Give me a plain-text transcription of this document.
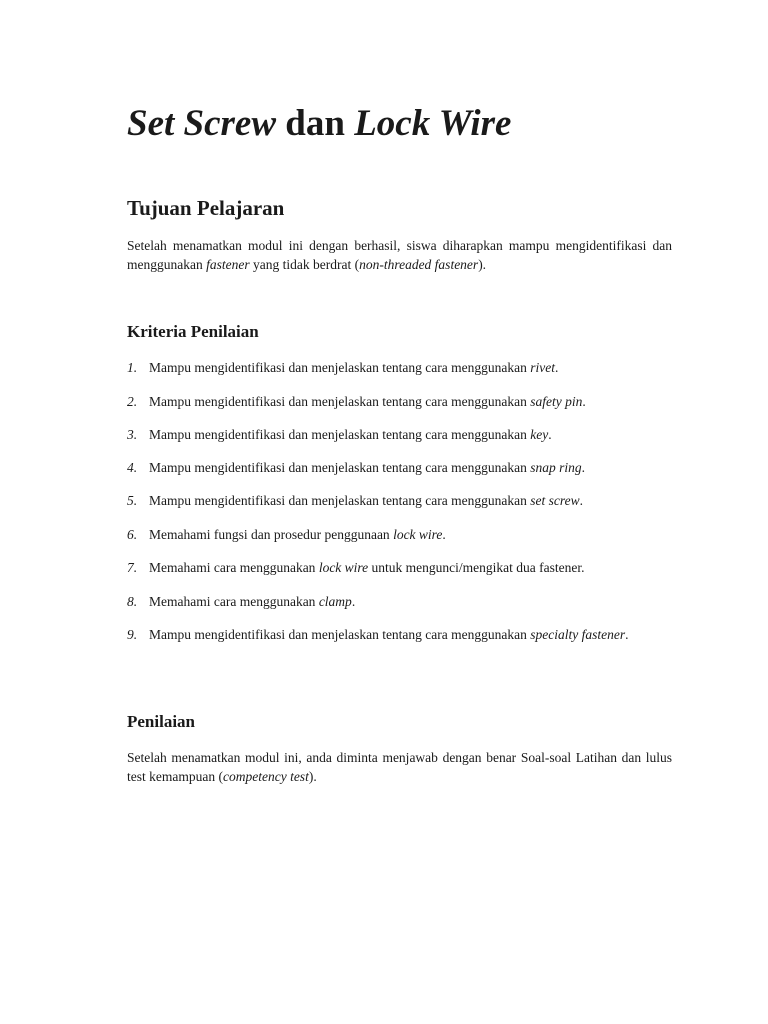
Set Screw dan Lock Wire
Tujuan Pelajaran

Setelah menamatkan modul ini dengan berhasil, siswa diharapkan mampu mengidentifikasi dan menggunakan fastener yang tidak berdrat (non-threaded fastener).

Kriteria Penilaian
1. Mampu mengidentifikasi dan menjelaskan tentang cara menggunakan rivet.
2. Mampu mengidentifikasi dan menjelaskan tentang cara menggunakan safety pin.
3. Mampu mengidentifikasi dan menjelaskan tentang cara menggunakan key.
4. Mampu mengidentifikasi dan menjelaskan tentang cara menggunakan snap ring.
5. Mampu mengidentifikasi dan menjelaskan tentang cara menggunakan set screw.
6. Memahami fungsi dan prosedur penggunaan lock wire.
7. Memahami cara menggunakan lock wire untuk mengunci/mengikat dua fastener.
8. Memahami cara menggunakan clamp.
9. Mampu mengidentifikasi dan menjelaskan tentang cara menggunakan specialty fastener.
Penilaian

Setelah menamatkan modul ini, anda diminta menjawab dengan benar Soal-soal Latihan dan lulus test kemampuan (competency test).
